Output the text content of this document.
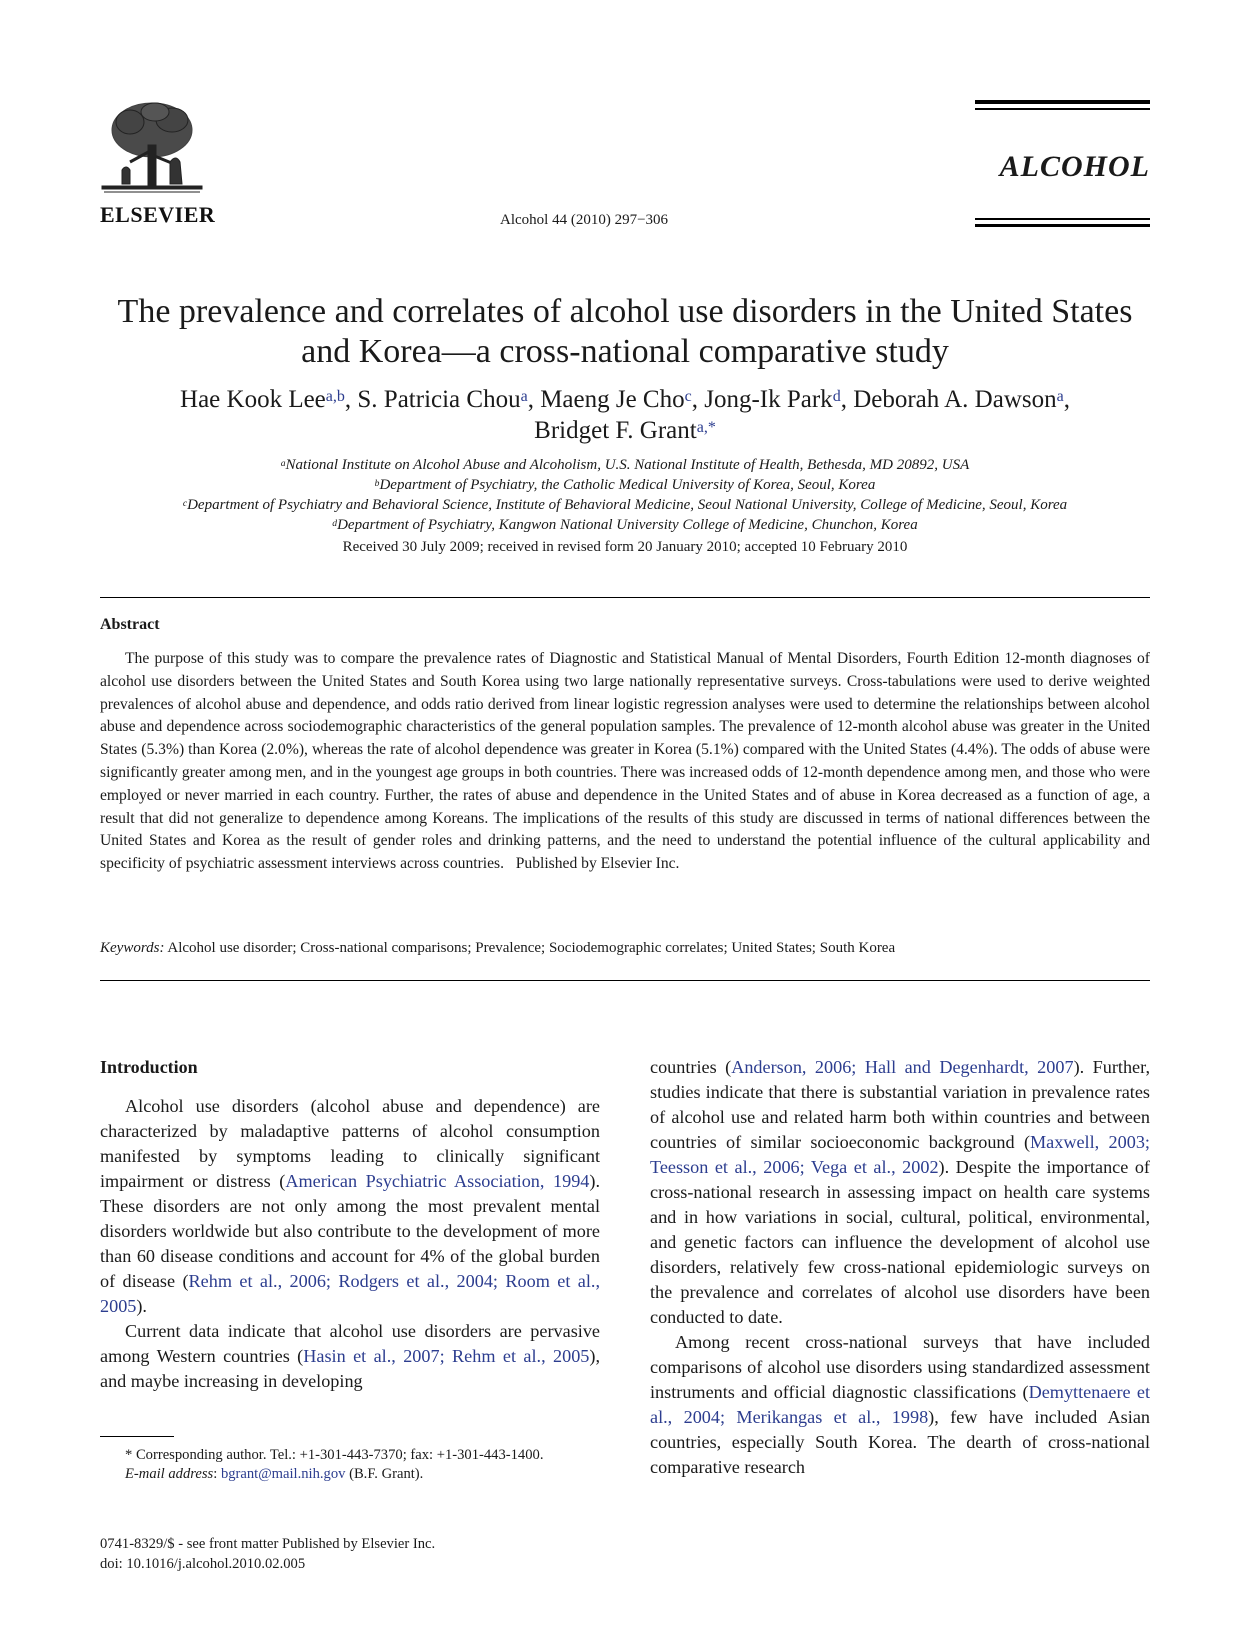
ELSEVIER	Alcohol 44 (2010) 297−306
ALCOHOL
The prevalence and correlates of alcohol use disorders in the United States and Korea—a cross-national comparative study
Hae Kook Lee$^{a,b}$, S. Patricia Chou$^a$, Maeng Je Cho$^c$, Jong-Ik Park$^d$, Deborah A. Dawson$^a$,
Bridget F. Grant$^{a,*}$
$^a$National Institute on Alcohol Abuse and Alcoholism, U.S. National Institute of Health, Bethesda, MD 20892, USA
$^b$Department of Psychiatry, the Catholic Medical University of Korea, Seoul, Korea
$^c$Department of Psychiatry and Behavioral Science, Institute of Behavioral Medicine, Seoul National University, College of Medicine, Seoul, Korea
$^d$Department of Psychiatry, Kangwon National University College of Medicine, Chunchon, Korea
Received 30 July 2009; received in revised form 20 January 2010; accepted 10 February 2010
Abstract
The purpose of this study was to compare the prevalence rates of Diagnostic and Statistical Manual of Mental Disorders, Fourth Edition 12-month diagnoses of alcohol use disorders between the United States and South Korea using two large nationally representative surveys. Cross-tabulations were used to derive weighted prevalences of alcohol abuse and dependence, and odds ratio derived from linear logistic regression analyses were used to determine the relationships between alcohol abuse and dependence across sociodemographic characteristics of the general population samples. The prevalence of 12-month alcohol abuse was greater in the United States (5.3%) than Korea (2.0%), whereas the rate of alcohol dependence was greater in Korea (5.1%) compared with the United States (4.4%). The odds of abuse were significantly greater among men, and in the youngest age groups in both countries. There was increased odds of 12-month dependence among men, and those who were employed or never married in each country. Further, the rates of abuse and dependence in the United States and of abuse in Korea decreased as a function of age, a result that did not generalize to dependence among Koreans. The implications of the results of this study are discussed in terms of national differences between the United States and Korea as the result of gender roles and drinking patterns, and the need to understand the potential influence of the cultural applicability and specificity of psychiatric assessment interviews across countries. Published by Elsevier Inc.
Keywords: Alcohol use disorder; Cross-national comparisons; Prevalence; Sociodemographic correlates; United States; South Korea
Introduction

Alcohol use disorders (alcohol abuse and dependence) are characterized by maladaptive patterns of alcohol consumption manifested by symptoms leading to clinically significant impairment or distress (American Psychiatric Association, 1994). These disorders are not only among the most prevalent mental disorders worldwide but also contribute to the development of more than 60 disease conditions and account for 4% of the global burden of disease (Rehm et al., 2006; Rodgers et al., 2004; Room et al., 2005).

Current data indicate that alcohol use disorders are pervasive among Western countries (Hasin et al., 2007; Rehm et al., 2005), and maybe increasing in developing

countries (Anderson, 2006; Hall and Degenhardt, 2007). Further, studies indicate that there is substantial variation in prevalence rates of alcohol use and related harm both within countries and between countries of similar socioeconomic background (Maxwell, 2003; Teesson et al., 2006; Vega et al., 2002). Despite the importance of cross-national research in assessing impact on health care systems and in how variations in social, cultural, political, environmental, and genetic factors can influence the development of alcohol use disorders, relatively few cross-national epidemiologic surveys on the prevalence and correlates of alcohol use disorders have been conducted to date.

Among recent cross-national surveys that have included comparisons of alcohol use disorders using standardized assessment instruments and official diagnostic classifications (Demyttenaere et al., 2004; Merikangas et al., 1998), few have included Asian countries, especially South Korea. The dearth of cross-national comparative research

* Corresponding author. Tel.: +1-301-443-7370; fax: +1-301-443-1400.
E-mail address: bgrant@mail.nih.gov (B.F. Grant).
0741-8329/$ - see front matter Published by Elsevier Inc.
doi: 10.1016/j.alcohol.2010.02.005
